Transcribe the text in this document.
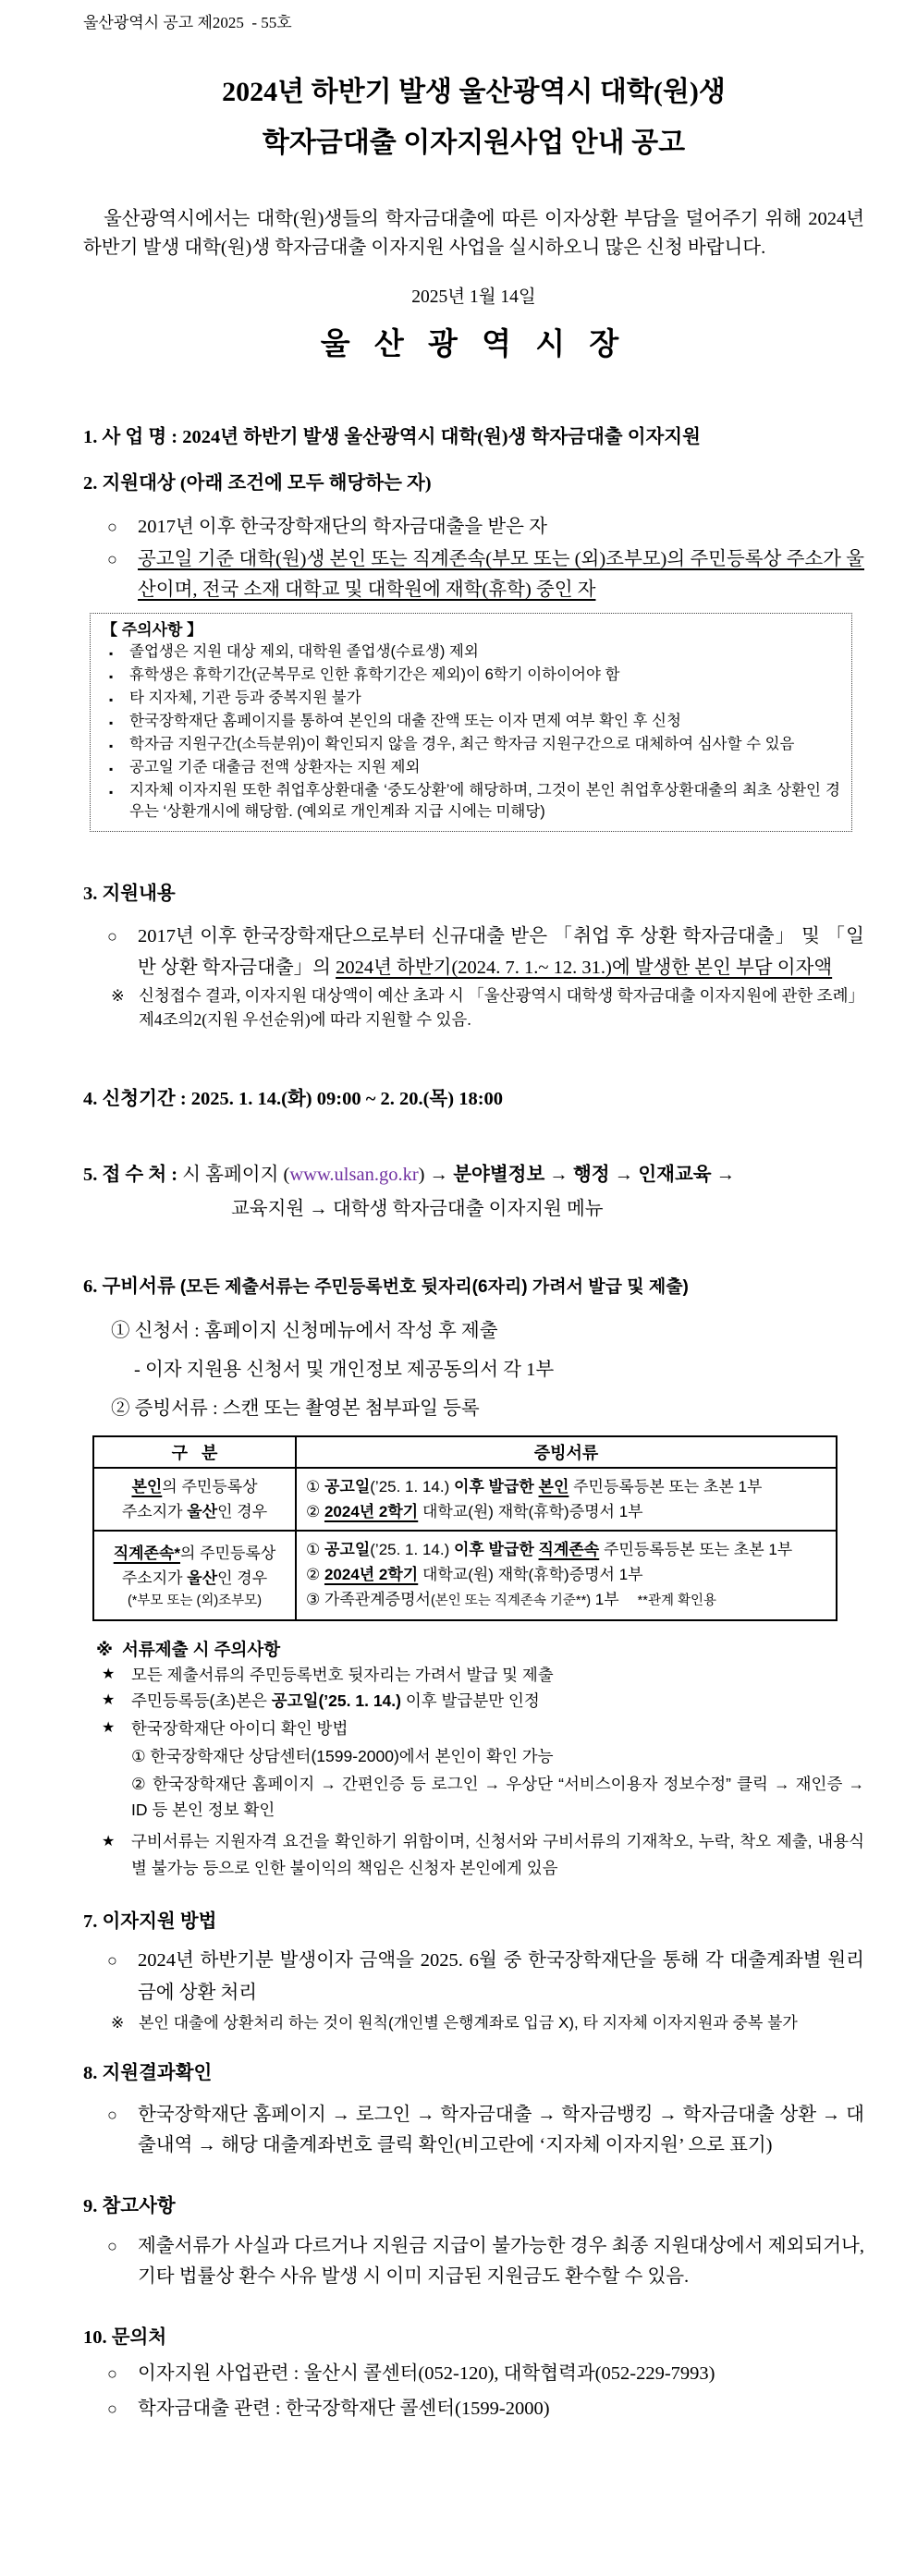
울산광역시 공고 제2025  - 55호
2024년 하반기 발생 울산광역시 대학(원)생
학자금대출 이자지원사업 안내 공고

울산광역시에서는 대학(원)생들의 학자금대출에 따른 이자상환 부담을 덜어주기 위해 2024년 하반기 발생 대학(원)생 학자금대출 이자지원 사업을 실시하오니 많은 신청 바랍니다.

2025년 1월 14일
울 산 광 역 시 장
1. 사 업 명 : 2024년 하반기 발생 울산광역시 대학(원)생 학자금대출 이자지원
2. 지원대상 (아래 조건에 모두 해당하는 자)
○	2017년 이후 한국장학재단의 학자금대출을 받은 자
○	공고일 기준 대학(원)생 본인 또는 직계존속(부모 또는 (외)조부모)의 주민등록상 주소가 울산이며, 전국 소재 대학교 및 대학원에 재학(휴학) 중인 자
【 주의사항 】
▪	졸업생은 지원 대상 제외, 대학원 졸업생(수료생) 제외
▪	휴학생은 휴학기간(군복무로 인한 휴학기간은 제외)이 6학기 이하이어야 함
▪	타 지자체, 기관 등과 중복지원 불가
▪	한국장학재단 홈페이지를 통하여 본인의 대출 잔액 또는 이자 면제 여부 확인 후 신청
▪	학자금 지원구간(소득분위)이 확인되지 않을 경우, 최근 학자금 지원구간으로 대체하여 심사할 수 있음
▪	공고일 기준 대출금 전액 상환자는 지원 제외
▪	지자체 이자지원 또한 취업후상환대출 ‘중도상환’에 해당하며, 그것이 본인 취업후상환대출의 최초 상환인 경우는 ‘상환개시에 해당함. (예외로 개인계좌 지급 시에는 미해당)
3. 지원내용
○	2017년 이후 한국장학재단으로부터 신규대출 받은 「취업 후 상환 학자금대출」 및 「일반 상환 학자금대출」의 2024년 하반기(2024. 7. 1.~ 12. 31.)에 발생한 본인 부담 이자액
※ 신청접수 결과, 이자지원 대상액이 예산 초과 시 「울산광역시 대학생 학자금대출 이자지원에 관한 조례」 제4조의2(지원 우선순위)에 따라 지원할 수 있음.
4. 신청기간 : 2025. 1. 14.(화) 09:00 ~ 2. 20.(목) 18:00
5. 접 수 처 : 시 홈페이지 (www.ulsan.go.kr) → 분야별정보 → 행정 → 인재교육 →
교육지원 → 대학생 학자금대출 이자지원 메뉴
6. 구비서류 (모든 제출서류는 주민등록번호 뒷자리(6자리) 가려서 발급 및 제출)
① 신청서 : 홈페이지 신청메뉴에서 작성 후 제출
- 이자 지원용 신청서 및 개인정보 제공동의서 각 1부
② 증빙서류 : 스캔 또는 촬영본 첨부파일 등록
구   분	증빙서류

본인의 주민등록상
주소지가 울산인 경우

① 공고일(’25. 1. 14.) 이후 발급한 본인 주민등록등본 또는 초본 1부
② 2024년 2학기 대학교(원) 재학(휴학)증명서 1부

직계존속*의 주민등록상
주소지가 울산인 경우
(*부모 또는 (외)조부모)

① 공고일(’25. 1. 14.) 이후 발급한 직계존속 주민등록등본 또는 초본 1부
② 2024년 2학기 대학교(원) 재학(휴학)증명서 1부
③ 가족관계증명서(본인 또는 직계존속 기준**) 1부 **관계 확인용
※ 서류제출 시 주의사항
★	모든 제출서류의 주민등록번호 뒷자리는 가려서 발급 및 제출
★	주민등록등(초)본은 공고일(’25. 1. 14.) 이후 발급분만 인정
★	한국장학재단 아이디 확인 방법
① 한국장학재단 상담센터(1599-2000)에서 본인이 확인 가능
② 한국장학재단 홈페이지 → 간편인증 등 로그인 → 우상단 “서비스이용자 정보수정” 클릭 → 재인증 → ID 등 본인 정보 확인
★	구비서류는 지원자격 요건을 확인하기 위함이며, 신청서와 구비서류의 기재착오, 누락, 착오 제출, 내용식별 불가능 등으로 인한 불이익의 책임은 신청자 본인에게 있음
7. 이자지원 방법
○	2024년 하반기분 발생이자 금액을 2025. 6월 중 한국장학재단을 통해 각 대출계좌별 원리금에 상환 처리
※ 본인 대출에 상환처리 하는 것이 원칙(개인별 은행계좌로 입금 X), 타 지자체 이자지원과 중복 불가
8. 지원결과확인
○	한국장학재단 홈페이지 → 로그인 → 학자금대출 → 학자금뱅킹 → 학자금대출 상환 → 대출내역 → 해당 대출계좌번호 클릭 확인(비고란에 ‘지자체 이자지원’ 으로 표기)
9. 참고사항
○	제출서류가 사실과 다르거나 지원금 지급이 불가능한 경우 최종 지원대상에서 제외되거나, 기타 법률상 환수 사유 발생 시 이미 지급된 지원금도 환수할 수 있음.
10. 문의처
○	이자지원 사업관련 : 울산시 콜센터(052-120), 대학협력과(052-229-7993)
○	학자금대출 관련 : 한국장학재단 콜센터(1599-2000)
